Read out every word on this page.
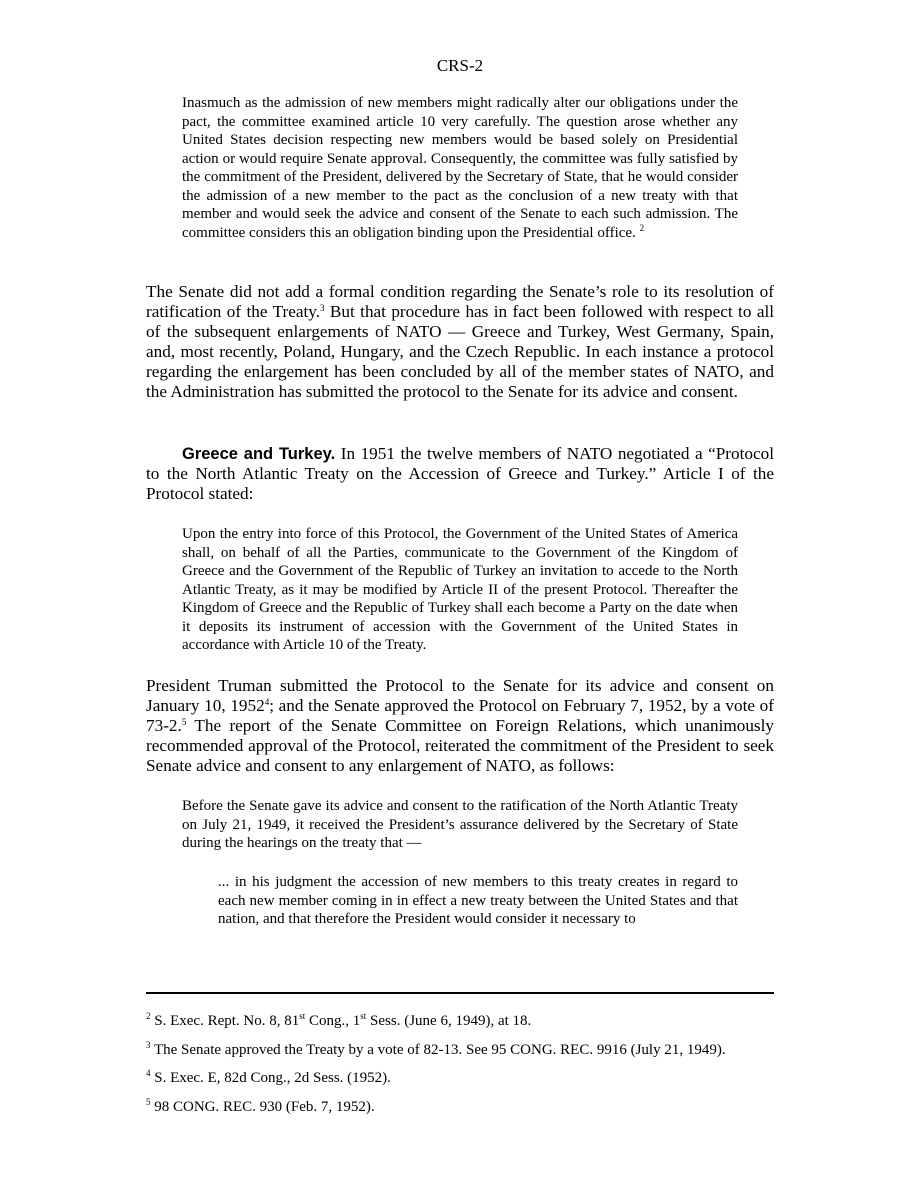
CRS-2

Inasmuch as the admission of new members might radically alter our obligations under the pact, the committee examined article 10 very carefully. The question arose whether any United States decision respecting new members would be based solely on Presidential action or would require Senate approval. Consequently, the committee was fully satisfied by the commitment of the President, delivered by the Secretary of State, that he would consider the admission of a new member to the pact as the conclusion of a new treaty with that member and would seek the advice and consent of the Senate to each such admission. The committee considers this an obligation binding upon the Presidential office. $^2$

The Senate did not add a formal condition regarding the Senate’s role to its resolution of ratification of the Treaty.$^3$ But that procedure has in fact been followed with respect to all of the subsequent enlargements of NATO — Greece and Turkey, West Germany, Spain, and, most recently, Poland, Hungary, and the Czech Republic. In each instance a protocol regarding the enlargement has been concluded by all of the member states of NATO, and the Administration has submitted the protocol to the Senate for its advice and consent.

Greece and Turkey. In 1951 the twelve members of NATO negotiated a “Protocol to the North Atlantic Treaty on the Accession of Greece and Turkey.” Article I of the Protocol stated:

Upon the entry into force of this Protocol, the Government of the United States of America shall, on behalf of all the Parties, communicate to the Government of the Kingdom of Greece and the Government of the Republic of Turkey an invitation to accede to the North Atlantic Treaty, as it may be modified by Article II of the present Protocol. Thereafter the Kingdom of Greece and the Republic of Turkey shall each become a Party on the date when it deposits its instrument of accession with the Government of the United States in accordance with Article 10 of the Treaty.

President Truman submitted the Protocol to the Senate for its advice and consent on January 10, 1952$^4$; and the Senate approved the Protocol on February 7, 1952, by a vote of 73-2.$^5$ The report of the Senate Committee on Foreign Relations, which unanimously recommended approval of the Protocol, reiterated the commitment of the President to seek Senate advice and consent to any enlargement of NATO, as follows:

Before the Senate gave its advice and consent to the ratification of the North Atlantic Treaty on July 21, 1949, it received the President’s assurance delivered by the Secretary of State during the hearings on the treaty that —

... in his judgment the accession of new members to this treaty creates in regard to each new member coming in in effect a new treaty between the United States and that nation, and that therefore the President would consider it necessary to

$^2$ S. Exec. Rept. No. 8, 81st Cong., 1st Sess. (June 6, 1949), at 18.
$^3$ The Senate approved the Treaty by a vote of 82-13. See 95 CONG. REC. 9916 (July 21, 1949).
$^4$ S. Exec. E, 82d Cong., 2d Sess. (1952).
$^5$ 98 CONG. REC. 930 (Feb. 7, 1952).
